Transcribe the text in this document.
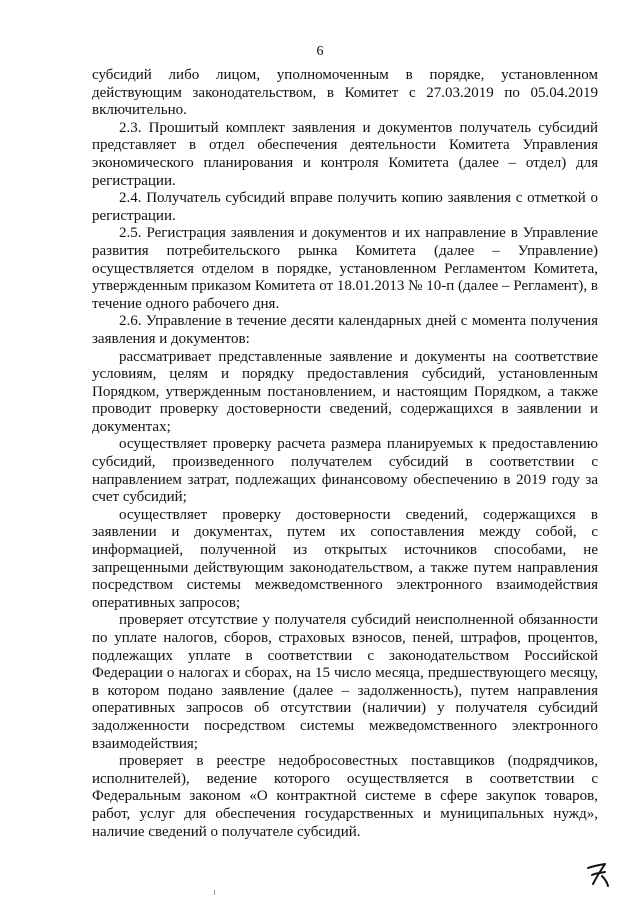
6

субсидий либо лицом, уполномоченным в порядке, установленном действующим законодательством, в Комитет с 27.03.2019 по 05.04.2019 включительно.

2.3. Прошитый комплект заявления и документов получатель субсидий представляет в отдел обеспечения деятельности Комитета Управления экономического планирования и контроля Комитета (далее – отдел) для регистрации.

2.4. Получатель субсидий вправе получить копию заявления с отметкой о регистрации.

2.5. Регистрация заявления и документов и их направление в Управление развития потребительского рынка Комитета (далее – Управление) осуществляется отделом в порядке, установленном Регламентом Комитета, утвержденным приказом Комитета от 18.01.2013 № 10-п (далее – Регламент), в течение одного рабочего дня.

2.6. Управление в течение десяти календарных дней с момента получения заявления и документов:

рассматривает представленные заявление и документы на соответствие условиям, целям и порядку предоставления субсидий, установленным Порядком, утвержденным постановлением, и настоящим Порядком, а также проводит проверку достоверности сведений, содержащихся в заявлении и документах;

осуществляет проверку расчета размера планируемых к предоставлению субсидий, произведенного получателем субсидий в соответствии с направлением затрат, подлежащих финансовому обеспечению в 2019 году за счет субсидий;

осуществляет проверку достоверности сведений, содержащихся в заявлении и документах, путем их сопоставления между собой, с информацией, полученной из открытых источников способами, не запрещенными действующим законодательством, а также путем направления посредством системы межведомственного электронного взаимодействия оперативных запросов;

проверяет отсутствие у получателя субсидий неисполненной обязанности по уплате налогов, сборов, страховых взносов, пеней, штрафов, процентов, подлежащих уплате в соответствии с законодательством Российской Федерации о налогах и сборах, на 15 число месяца, предшествующего месяцу, в котором подано заявление (далее – задолженность), путем направления оперативных запросов об отсутствии (наличии) у получателя субсидий задолженности посредством системы межведомственного электронного взаимодействия;

проверяет в реестре недобросовестных поставщиков (подрядчиков, исполнителей), ведение которого осуществляется в соответствии с Федеральным законом «О контрактной системе в сфере закупок товаров, работ, услуг для обеспечения государственных и муниципальных нужд», наличие сведений о получателе субсидий.
